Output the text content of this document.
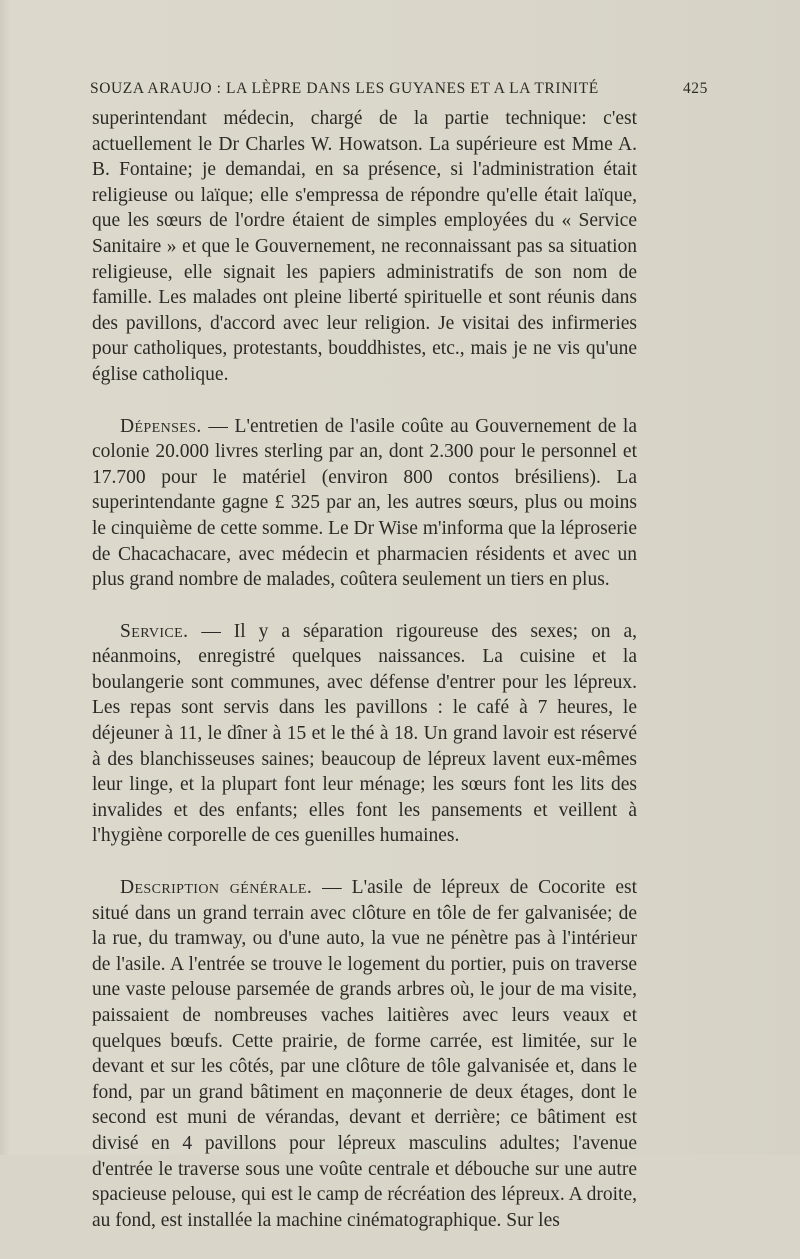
SOUZA ARAUJO : LA LÈPRE DANS LES GUYANES ET A LA TRINITÉ	425

superintendant médecin, chargé de la partie technique: c'est actuellement le Dr Charles W. Howatson. La supérieure est Mme A. B. Fontaine; je demandai, en sa présence, si l'administration était religieuse ou laïque; elle s'empressa de répondre qu'elle était laïque, que les sœurs de l'ordre étaient de simples employées du « Service Sanitaire » et que le Gouvernement, ne reconnaissant pas sa situation religieuse, elle signait les papiers administratifs de son nom de famille. Les malades ont pleine liberté spirituelle et sont réunis dans des pavillons, d'accord avec leur religion. Je visitai des infirmeries pour catholiques, protestants, bouddhistes, etc., mais je ne vis qu'une église catholique.

Dépenses. — L'entretien de l'asile coûte au Gouvernement de la colonie 20.000 livres sterling par an, dont 2.300 pour le personnel et 17.700 pour le matériel (environ 800 contos brésiliens). La superintendante gagne £ 325 par an, les autres sœurs, plus ou moins le cinquième de cette somme. Le Dr Wise m'informa que la léproserie de Chacachacare, avec médecin et pharmacien résidents et avec un plus grand nombre de malades, coûtera seulement un tiers en plus.

Service. — Il y a séparation rigoureuse des sexes; on a, néanmoins, enregistré quelques naissances. La cuisine et la boulangerie sont communes, avec défense d'entrer pour les lépreux. Les repas sont servis dans les pavillons : le café à 7 heures, le déjeuner à 11, le dîner à 15 et le thé à 18. Un grand lavoir est réservé à des blanchisseuses saines; beaucoup de lépreux lavent eux-mêmes leur linge, et la plupart font leur ménage; les sœurs font les lits des invalides et des enfants; elles font les pansements et veillent à l'hygiène corporelle de ces guenilles humaines.

Description générale. — L'asile de lépreux de Cocorite est situé dans un grand terrain avec clôture en tôle de fer galvanisée; de la rue, du tramway, ou d'une auto, la vue ne pénètre pas à l'intérieur de l'asile. A l'entrée se trouve le logement du portier, puis on traverse une vaste pelouse parsemée de grands arbres où, le jour de ma visite, paissaient de nombreuses vaches laitières avec leurs veaux et quelques bœufs. Cette prairie, de forme carrée, est limitée, sur le devant et sur les côtés, par une clôture de tôle galvanisée et, dans le fond, par un grand bâtiment en maçonnerie de deux étages, dont le second est muni de vérandas, devant et derrière; ce bâtiment est divisé en 4 pavillons pour lépreux masculins adultes; l'avenue d'entrée le traverse sous une voûte centrale et débouche sur une autre spacieuse pelouse, qui est le camp de récréation des lépreux. A droite, au fond, est installée la machine cinématographique. Sur les
